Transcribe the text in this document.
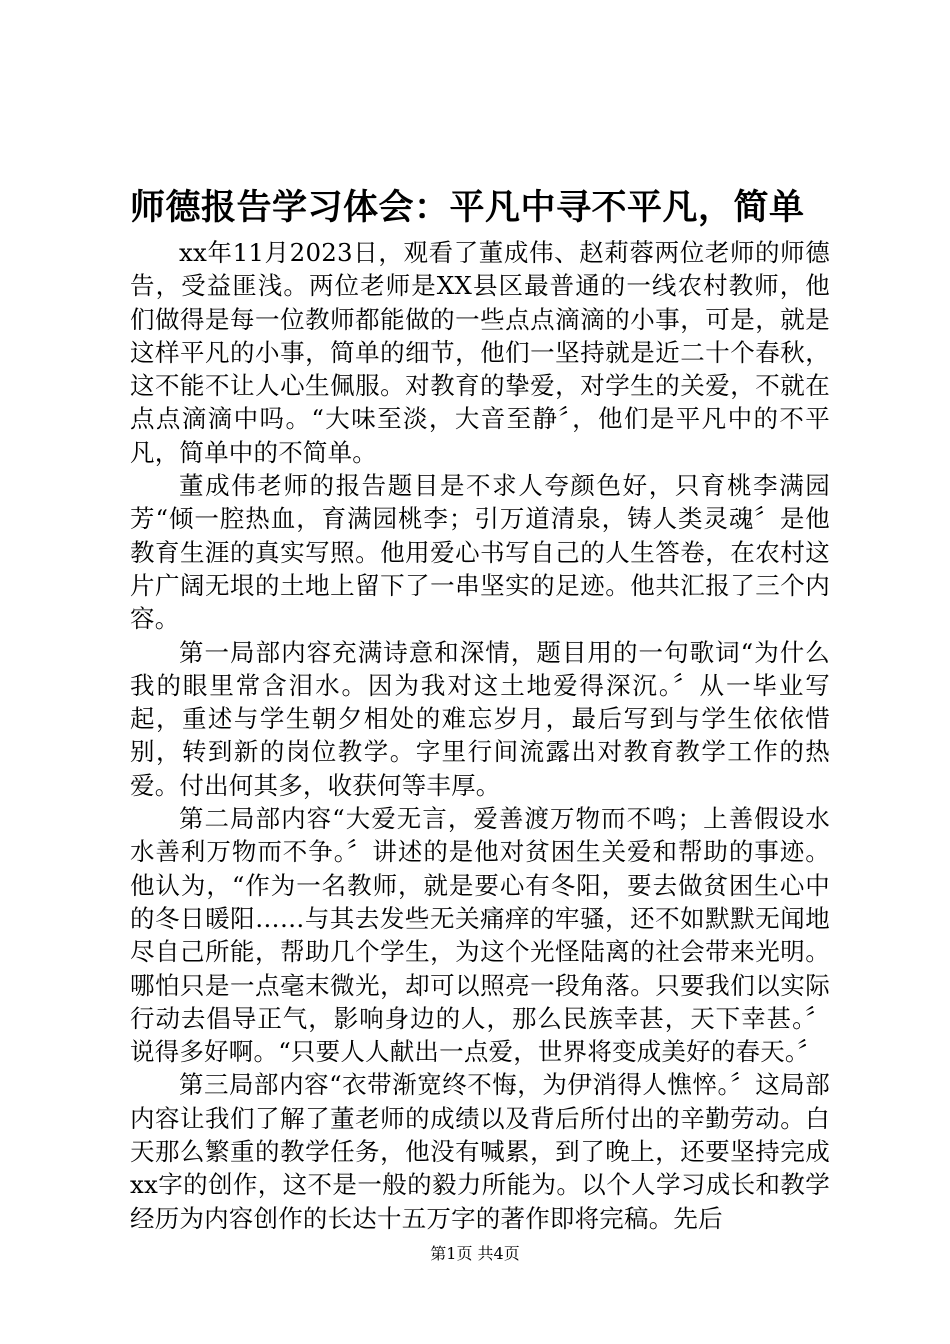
师德报告学习体会：平凡中寻不平凡，简单

xx年11月2023日，观看了董成伟、赵莉蓉两位老师的师德告，受益匪浅。两位老师是XX县区最普通的一线农村教师，他们做得是每一位教师都能做的一些点点滴滴的小事，可是，就是这样平凡的小事，简单的细节，他们一坚持就是近二十个春秋，这不能不让人心生佩服。对教育的挚爱，对学生的关爱，不就在点点滴滴中吗。“大味至淡，大音至静〞，他们是平凡中的不平凡，简单中的不简单。

董成伟老师的报告题目是不求人夸颜色好，只育桃李满园芳“倾一腔热血，育满园桃李；引万道清泉，铸人类灵魂〞是他教育生涯的真实写照。他用爱心书写自己的人生答卷，在农村这片广阔无垠的土地上留下了一串坚实的足迹。他共汇报了三个内容。

第一局部内容充满诗意和深情，题目用的一句歌词“为什么我的眼里常含泪水。因为我对这土地爱得深沉。〞从一毕业写起，重述与学生朝夕相处的难忘岁月，最后写到与学生依依惜别，转到新的岗位教学。字里行间流露出对教育教学工作的热爱。付出何其多，收获何等丰厚。

第二局部内容“大爱无言，爱善渡万物而不鸣；上善假设水水善利万物而不争。〞讲述的是他对贫困生关爱和帮助的事迹。他认为，“作为一名教师，就是要心有冬阳，要去做贫困生心中的冬日暖阳……与其去发些无关痛痒的牢骚，还不如默默无闻地尽自己所能，帮助几个学生，为这个光怪陆离的社会带来光明。哪怕只是一点毫末微光，却可以照亮一段角落。只要我们以实际行动去倡导正气，影响身边的人，那么民族幸甚，天下幸甚。〞说得多好啊。“只要人人献出一点爱，世界将变成美好的春天。〞

第三局部内容“衣带渐宽终不悔，为伊消得人憔悴。〞这局部内容让我们了解了董老师的成绩以及背后所付出的辛勤劳动。白天那么繁重的教学任务，他没有喊累，到了晚上，还要坚持完成xx字的创作，这不是一般的毅力所能为。以个人学习成长和教学经历为内容创作的长达十五万字的著作即将完稿。先后

第1页 共4页
